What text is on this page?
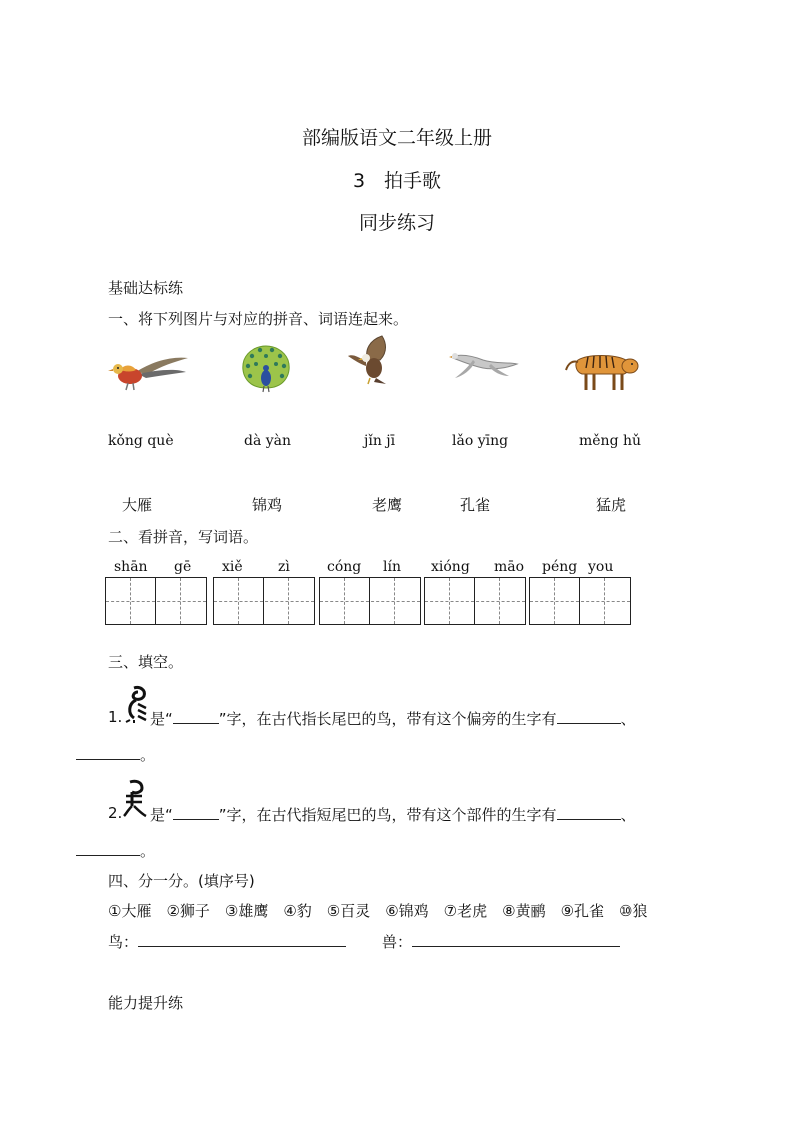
部编版语文二年级上册
3　拍手歌
同步练习
基础达标练
一、将下列图片与对应的拼音、词语连起来。
kǒng què	dà yàn	jǐn jī	lǎo yīng	měng hǔ
大雁	锦鸡	老鹰	孔雀	猛虎
二、看拼音，写词语。
shān gē xiě	zì	cóng lín xióng māo péng you
三、填空。
1. 是“	”字，在古代指长尾巴的鸟，带有这个偏旁的生字有	、
。
2. 是“	”字，在古代指短尾巴的鸟，带有这个部件的生字有	、
。
四、分一分。(填序号)
①大雁　②狮子　③雄鹰　④豹　⑤百灵　⑥锦鸡　⑦老虎　⑧黄鹂　⑨孔雀　⑩狼
鸟：	兽：
能力提升练
